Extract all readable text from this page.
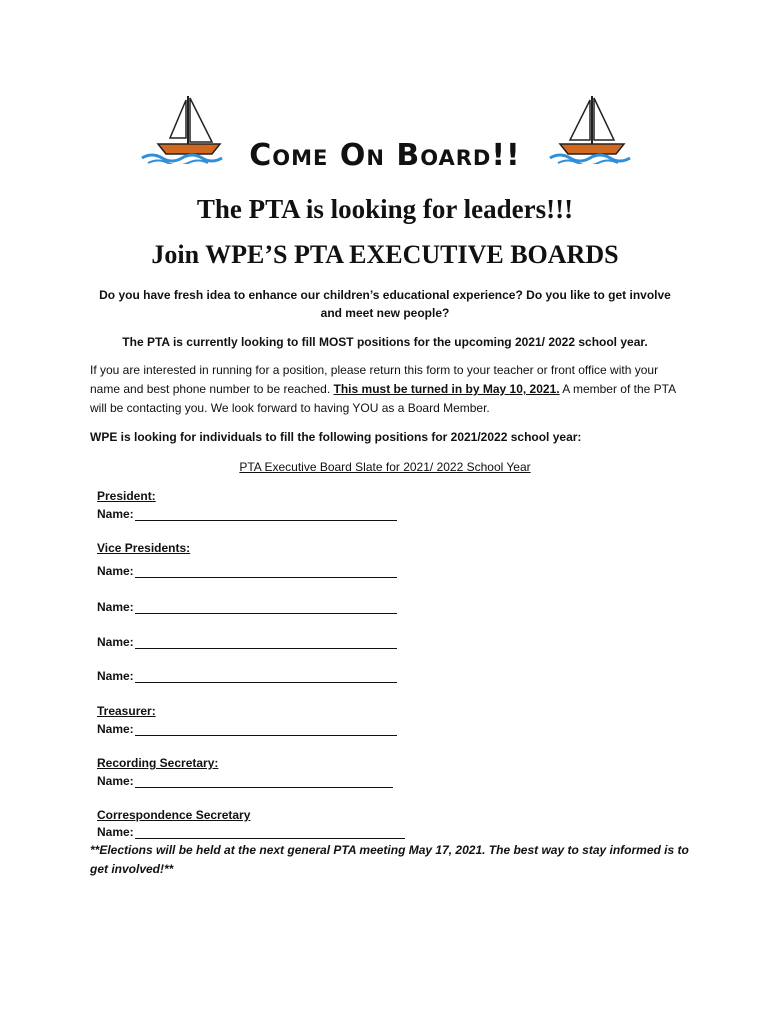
Come On Board!!
The PTA is looking for leaders!!!
Join WPE’S PTA EXECUTIVE BOARDS
Do you have fresh idea to enhance our children’s educational experience? Do you like to get involve and meet new people?
The PTA is currently looking to fill MOST positions for the upcoming 2021/ 2022 school year.
If you are interested in running for a position, please return this form to your teacher or front office with your name and best phone number to be reached. This must be turned in by May 10, 2021. A member of the PTA will be contacting you. We look forward to having YOU as a Board Member.
WPE is looking for individuals to fill the following positions for 2021/2022 school year:
PTA Executive Board Slate for 2021/ 2022 School Year
President:
Name:
Vice Presidents:
Name:
Name:
Name:
Name:
Treasurer:
Name:
Recording Secretary:
Name:
Correspondence Secretary
Name:
**Elections will be held at the next general PTA meeting May 17, 2021. The best way to stay informed is to get involved!**
